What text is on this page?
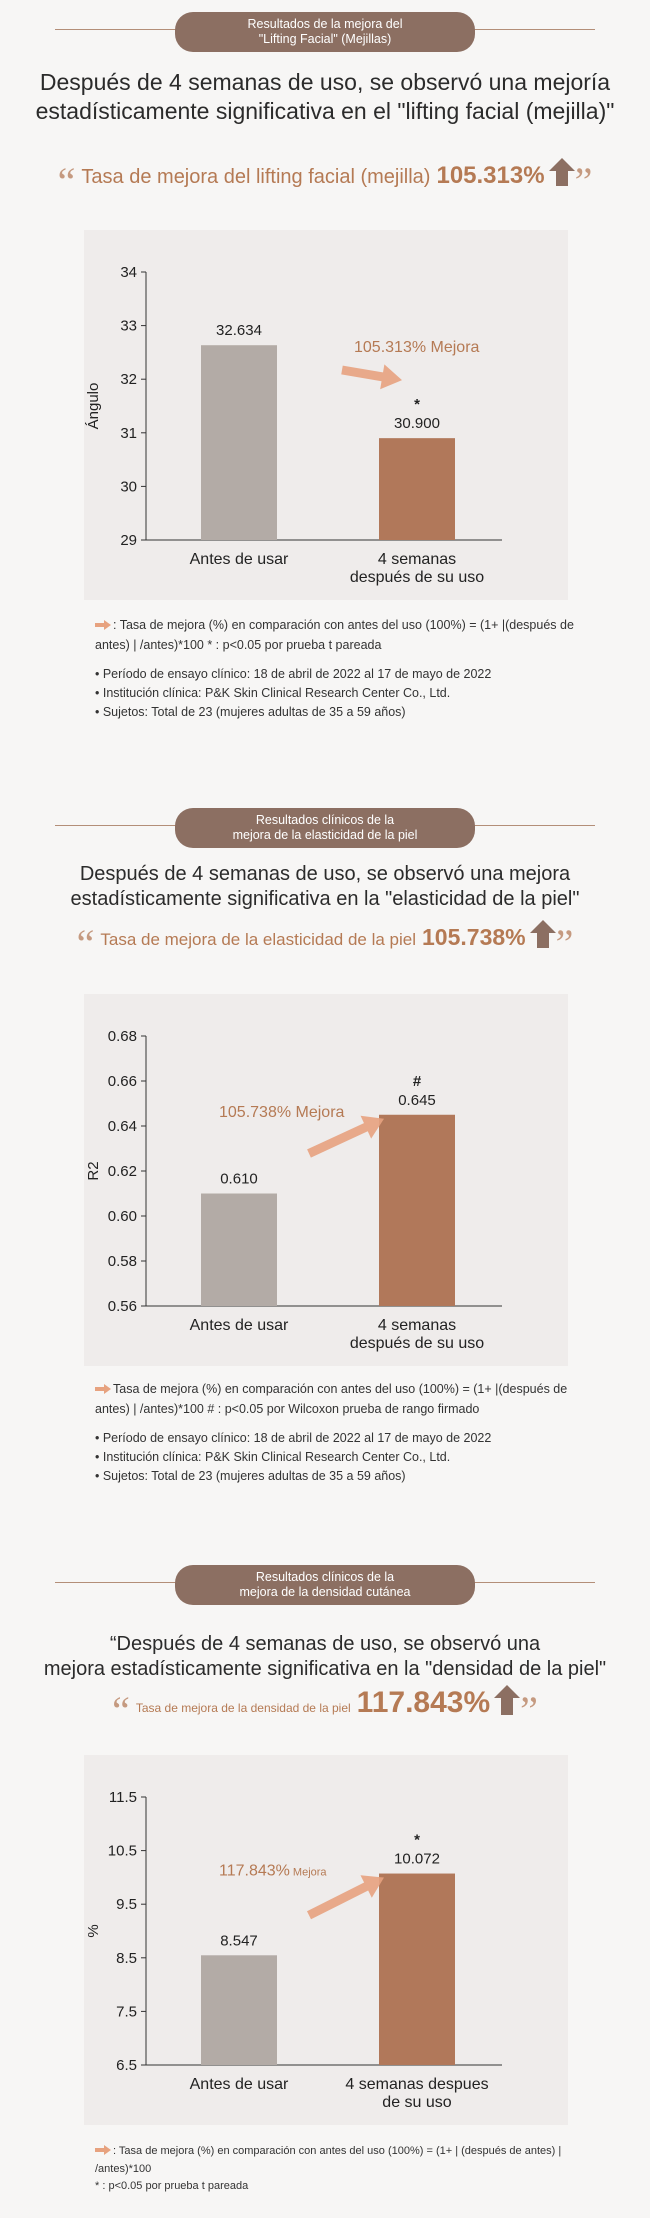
Resultados de la mejora del
"Lifting Facial" (Mejillas)
Después de 4 semanas de uso, se observó una mejoría
estadísticamente significativa en el "lifting facial (mejilla)"
“ Tasa de mejora del lifting facial (mejilla) 105.313% ”
29
30
31
32
33
34
Ángulo
32.634
Antes de usar
30.900
*
4 semanas
después de su uso
105.313% Mejora

: Tasa de mejora (%) en comparación con antes del uso (100%) = (1+ |(después de antes) | /antes)*100 * : p<0.05 por prueba t pareada

• Período de ensayo clínico: 18 de abril de 2022 al 17 de mayo de 2022

• Institución clínica: P&K Skin Clinical Research Center Co., Ltd.

• Sujetos: Total de 23 (mujeres adultas de 35 a 59 años)

Resultados clínicos de la
mejora de la elasticidad de la piel
Después de 4 semanas de uso, se observó una mejora
estadísticamente significativa en la "elasticidad de la piel"
“ Tasa de mejora de la elasticidad de la piel 105.738% ”
0.56
0.58
0.60
0.62
0.64
0.66
0.68
R2	0.610
Antes de usar
0.645
#
4 semanas
después de su uso
105.738% Mejora

Tasa de mejora (%) en comparación con antes del uso (100%) = (1+ |(después de antes) | /antes)*100 # : p<0.05 por Wilcoxon prueba de rango firmado

• Período de ensayo clínico: 18 de abril de 2022 al 17 de mayo de 2022

• Institución clínica: P&K Skin Clinical Research Center Co., Ltd.

• Sujetos: Total de 23 (mujeres adultas de 35 a 59 años)

Resultados clínicos de la
mejora de la densidad cutánea
“Después de 4 semanas de uso, se observó una
mejora estadísticamente significativa en la "densidad de la piel"
“ Tasa de mejora de la densidad de la piel 117.843% ”
6.5
7.5
8.5
9.5
10.5
11.5
%
8.547
Antes de usar
10.072
*
4 semanas despues
de su uso
117.843% Mejora

: Tasa de mejora (%) en comparación con antes del uso (100%) = (1+ | (después de antes) | /antes)*100

* : p<0.05 por prueba t pareada
